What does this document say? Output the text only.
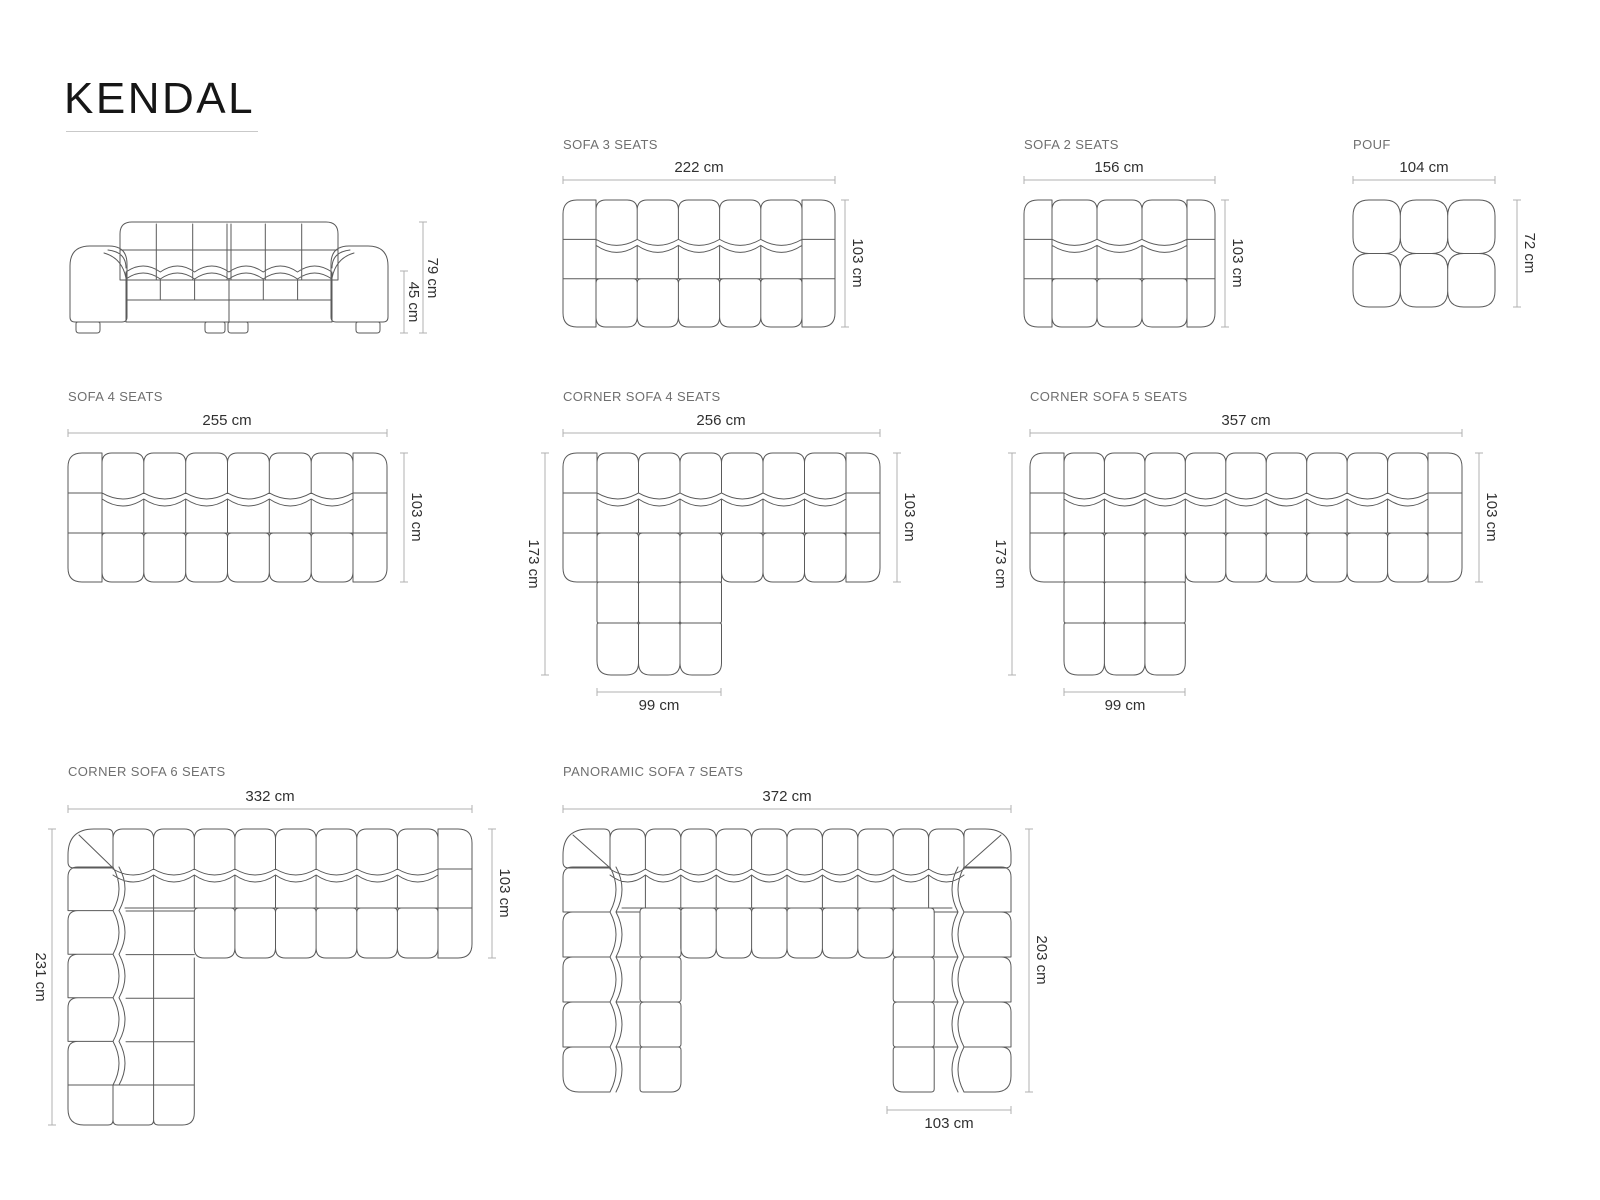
KENDAL
SOFA 3 SEATS	SOFA 2 SEATS	POUF
SOFA 4 SEATS	CORNER SOFA 4 SEATS	CORNER SOFA 5 SEATS
CORNER SOFA 6 SEATS	PANORAMIC SOFA 7 SEATS
222 cm	156 cm	104 cm
255 cm	256 cm	357 cm
332 cm	372 cm
99 cm	99 cm
103 cm
79 cm
45 cm
103 cm	103 cm	72 cm
103 cm
173 cm
103 cm
173 cm
103 cm
231 cm
103 cm
203 cm
